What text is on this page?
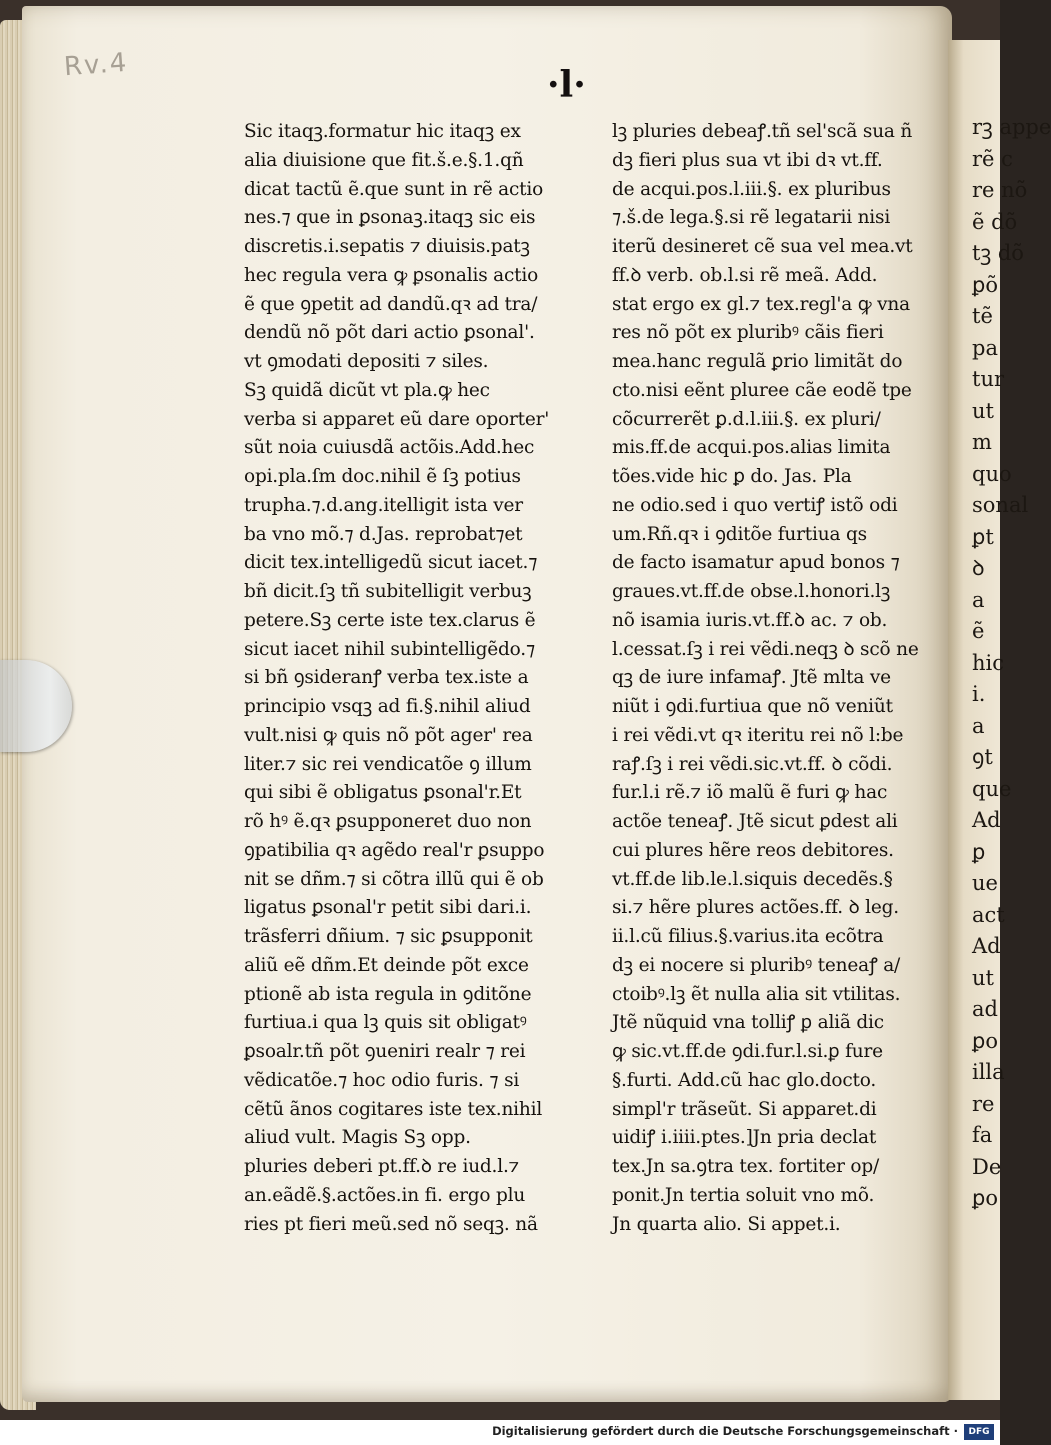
rꝫ appe
rẽ c
re nõ
ẽ dõ
tꝫ dõ
ꝑõ
tẽ
pa
tur
ut
m
quo
sonal
ꝑt
ꝺ
a
ẽ
hic
i.
a
ꝯt
que
Ad
ꝑ
ue
act
Ad
ut
ad
ꝑo
illa
re
fa
De
ꝑo
Rv.4	·l·
Sic itaqꝫ.formatur hic itaqꝫ ex
alia diuisione que fit.š.e.§.1.qñ
dicat tactũ ẽ.que sunt in rẽ actio
nes.⁊ que in ꝑsonaꝫ.itaqꝫ sic eis
discretis.i.sepatis ⁊ diuisis.patꝫ
hec regula vera ꝙ ꝑsonalis actio
ẽ que ꝯpetit ad dandũ.qꝛ ad tra/
dendũ nõ põt dari actio ꝑsonal'.
vt ꝯmodati depositi ⁊ siles.
Sꝫ quidã dicũt vt pla.ꝙ hec
verba si apparet eũ dare oporter'
sũt noia cuiusdã actõis.Add.hec
opi.pla.ſm doc.nihil ẽ ſꝫ potius
trupha.⁊.d.ang.itelligit ista ver
ba vno mõ.⁊ d.Jas. reprobat⁊et
dicit tex.intelligedũ sicut iacet.⁊
bñ dicit.ſꝫ tñ subitelligit verbuꝫ
petere.Sꝫ certe iste tex.clarus ẽ
sicut iacet nihil subintelligẽdo.⁊
si bñ ꝯsideranꝭ verba tex.iste a
principio vsqꝫ ad fi.§.nihil aliud
vult.nisi ꝙ quis nõ põt ager' rea
liter.⁊ sic rei vendicatõe ꝯ illum
qui sibi ẽ obligatus ꝑsonal'r.Et
rõ hꝰ ẽ.qꝛ ꝑsupponeret duo non
ꝯpatibilia qꝛ agẽdo real'r ꝑsuppo
nit se dñm.⁊ si cõtra illũ qui ẽ ob
ligatus ꝑsonal'r petit sibi dari.i.
trãsferri dñium. ⁊ sic ꝑsupponit
aliũ eẽ dñm.Et deinde põt exce
ptionẽ ab ista regula in ꝯditõne
furtiua.i qua lꝫ quis sit obligatꝰ
ꝑsoalr.tñ põt ꝯueniri realr ⁊ rei
vẽdicatõe.⁊ hoc odio furis. ⁊ si
cẽtũ ãnos cogitares iste tex.nihil
aliud vult. Magis Sꝫ opp.
pluries deberi pt.ff.ꝺ re iud.l.⁊
an.eãdẽ.§.actões.in fi. ergo plu
ries pt fieri meũ.sed nõ seqꝫ. nã
lꝫ pluries debeaꝭ.tñ sel'scã sua ñ
dꝫ fieri plus sua vt ibi dꝛ vt.ff.
de acqui.pos.l.iii.§. ex pluribus
⁊.š.de lega.§.si rẽ legatarii nisi
iterũ desineret cẽ sua vel mea.vt
ff.ꝺ verb. ob.l.si rẽ meã. Add.
stat ergo ex gl.⁊ tex.regl'a ꝙ vna
res nõ põt ex pluribꝰ cãis fieri
mea.hanc regulã ꝑrio limitãt do
cto.nisi eẽnt pluree cãe eodẽ tpe
cõcurrerẽt ꝑ.d.l.iii.§. ex pluri/
mis.ff.de acqui.pos.alias limita
tões.vide hic ꝑ do. Jas. Pla
ne odio.sed i quo vertiꝭ istõ odi
um.Rñ.qꝛ i ꝯditõe furtiua qs
de facto isamatur apud bonos ⁊
graues.vt.ff.de obse.l.honori.lꝫ
nõ isamia iuris.vt.ff.ꝺ ac. ⁊ ob.
l.cessat.ſꝫ i rei vẽdi.neqꝫ ꝺ scõ ne
qꝫ de iure infamaꝭ. Jtẽ mlta ve
niũt i ꝯdi.furtiua que nõ veniũt
i rei vẽdi.vt qꝛ iteritu rei nõ l:be
raꝭ.ſꝫ i rei vẽdi.sic.vt.ff. ꝺ cõdi.
fur.l.i rẽ.⁊ iõ malũ ẽ furi ꝙ hac
actõe teneaꝭ. Jtẽ sicut ꝑdest ali
cui plures hẽre reos debitores.
vt.ff.de lib.le.l.siquis decedẽs.§
si.⁊ hẽre plures actões.ff. ꝺ leg.
ii.l.cũ filius.§.varius.ita ecõtra
dꝫ ei nocere si pluribꝰ teneaꝭ a/
ctoibꝰ.lꝫ ẽt nulla alia sit vtilitas.
Jtẽ nũquid vna tolliꝭ ꝑ aliã dic
ꝙ sic.vt.ff.de ꝯdi.fur.l.si.ꝑ fure
§.furti. Add.cũ hac glo.docto.
simpl'r trãseũt. Si apparet.di
uidiꝭ i.iiii.ptes.]Jn pria declat
tex.Jn sa.ꝯtra tex. fortiter op/
ponit.Jn tertia soluit vno mõ.
Jn quarta alio. Si appet.i.
Digitalisierung gefördert durch die Deutsche Forschungsgemeinschaft ·	DFG
